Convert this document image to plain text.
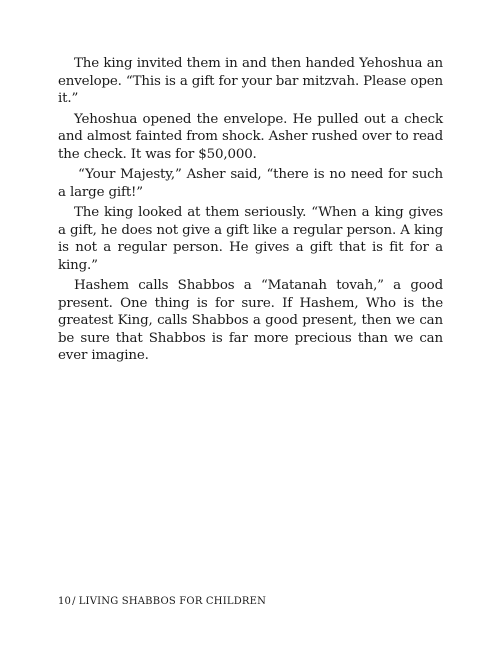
The king invited them in and then handed Yehoshua an envelope. “This is a gift for your bar mitzvah. Please open it.”

Yehoshua opened the envelope. He pulled out a check and almost fainted from shock. Asher rushed over to read the check. It was for $50,000.

“Your Majesty,” Asher said, “there is no need for such a large gift!”

The king looked at them seriously. “When a king gives a gift, he does not give a gift like a regular person. A king is not a regular person. He gives a gift that is fit for a king.”

Hashem calls Shabbos a “Matanah tovah,” a good present. One thing is for sure. If Hashem, Who is the greatest King, calls Shabbos a good present, then we can be sure that Shabbos is far more precious than we can ever imagine.

10/ LIVING SHABBOS FOR CHILDREN
